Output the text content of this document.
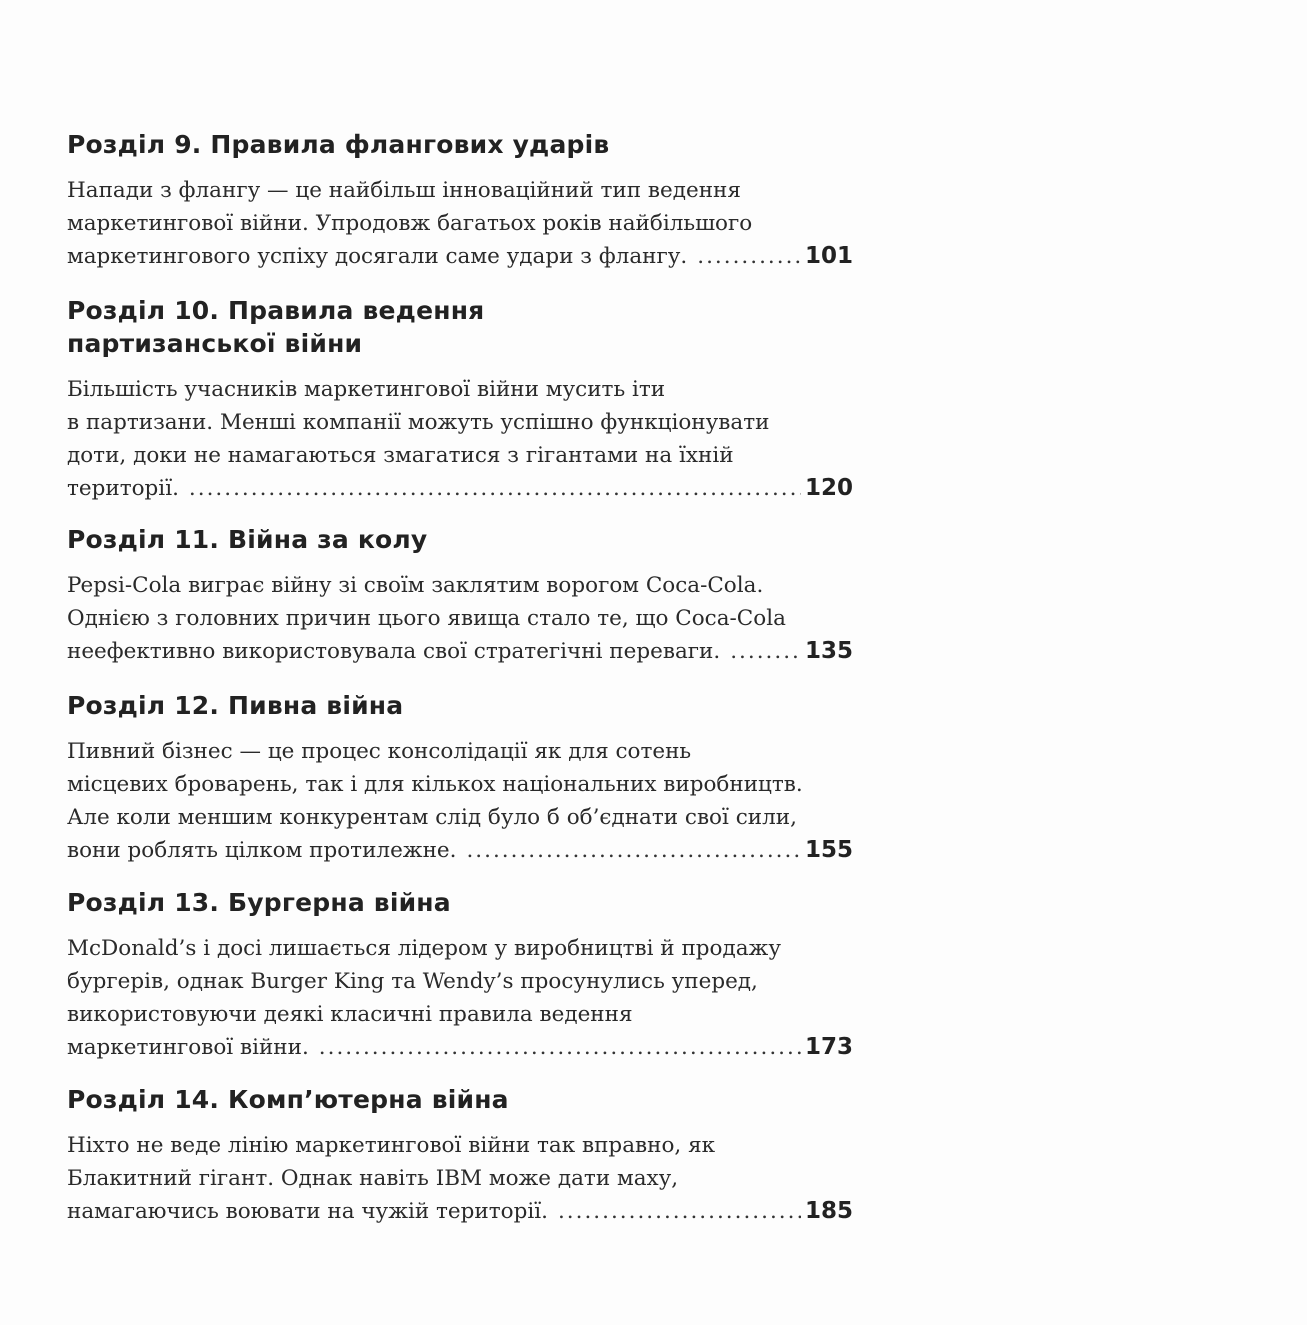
Розділ 9. Правила флангових ударів
Напади з флангу — це найбільш інноваційний тип ведення
маркетингової війни. Упродовж багатьох років найбільшого
маркетингового успіху досягали саме удари з флангу. .....	101
Розділ 10. Правила ведення
партизанської війни
Більшість учасників маркетингової війни мусить іти
в партизани. Менші компанії можуть успішно функціонувати
доти, доки не намагаються змагатися з гігантами на їхній
території. .....	120
Розділ 11. Війна за колу
Pepsi-Cola виграє війну зі своїм заклятим ворогом Coca-Cola.
Однією з головних причин цього явища стало те, що Coca-Cola
неефективно використовувала свої стратегічні переваги. .....	135
Розділ 12. Пивна війна
Пивний бізнес — це процес консолідації як для сотень
місцевих броварень, так і для кількох національних виробництв.
Але коли меншим конкурентам слід було б об’єднати свої сили,
вони роблять цілком протилежне. .....	155
Розділ 13. Бургерна війна
McDonald’s і досі лишається лідером у виробництві й продажу
бургерів, однак Burger King та Wendy’s просунулись уперед,
використовуючи деякі класичні правила ведення
маркетингової війни. .....	173
Розділ 14. Комп’ютерна війна
Ніхто не веде лінію маркетингової війни так вправно, як
Блакитний гігант. Однак навіть IBM може дати маху,
намагаючись воювати на чужій території. .....	185
